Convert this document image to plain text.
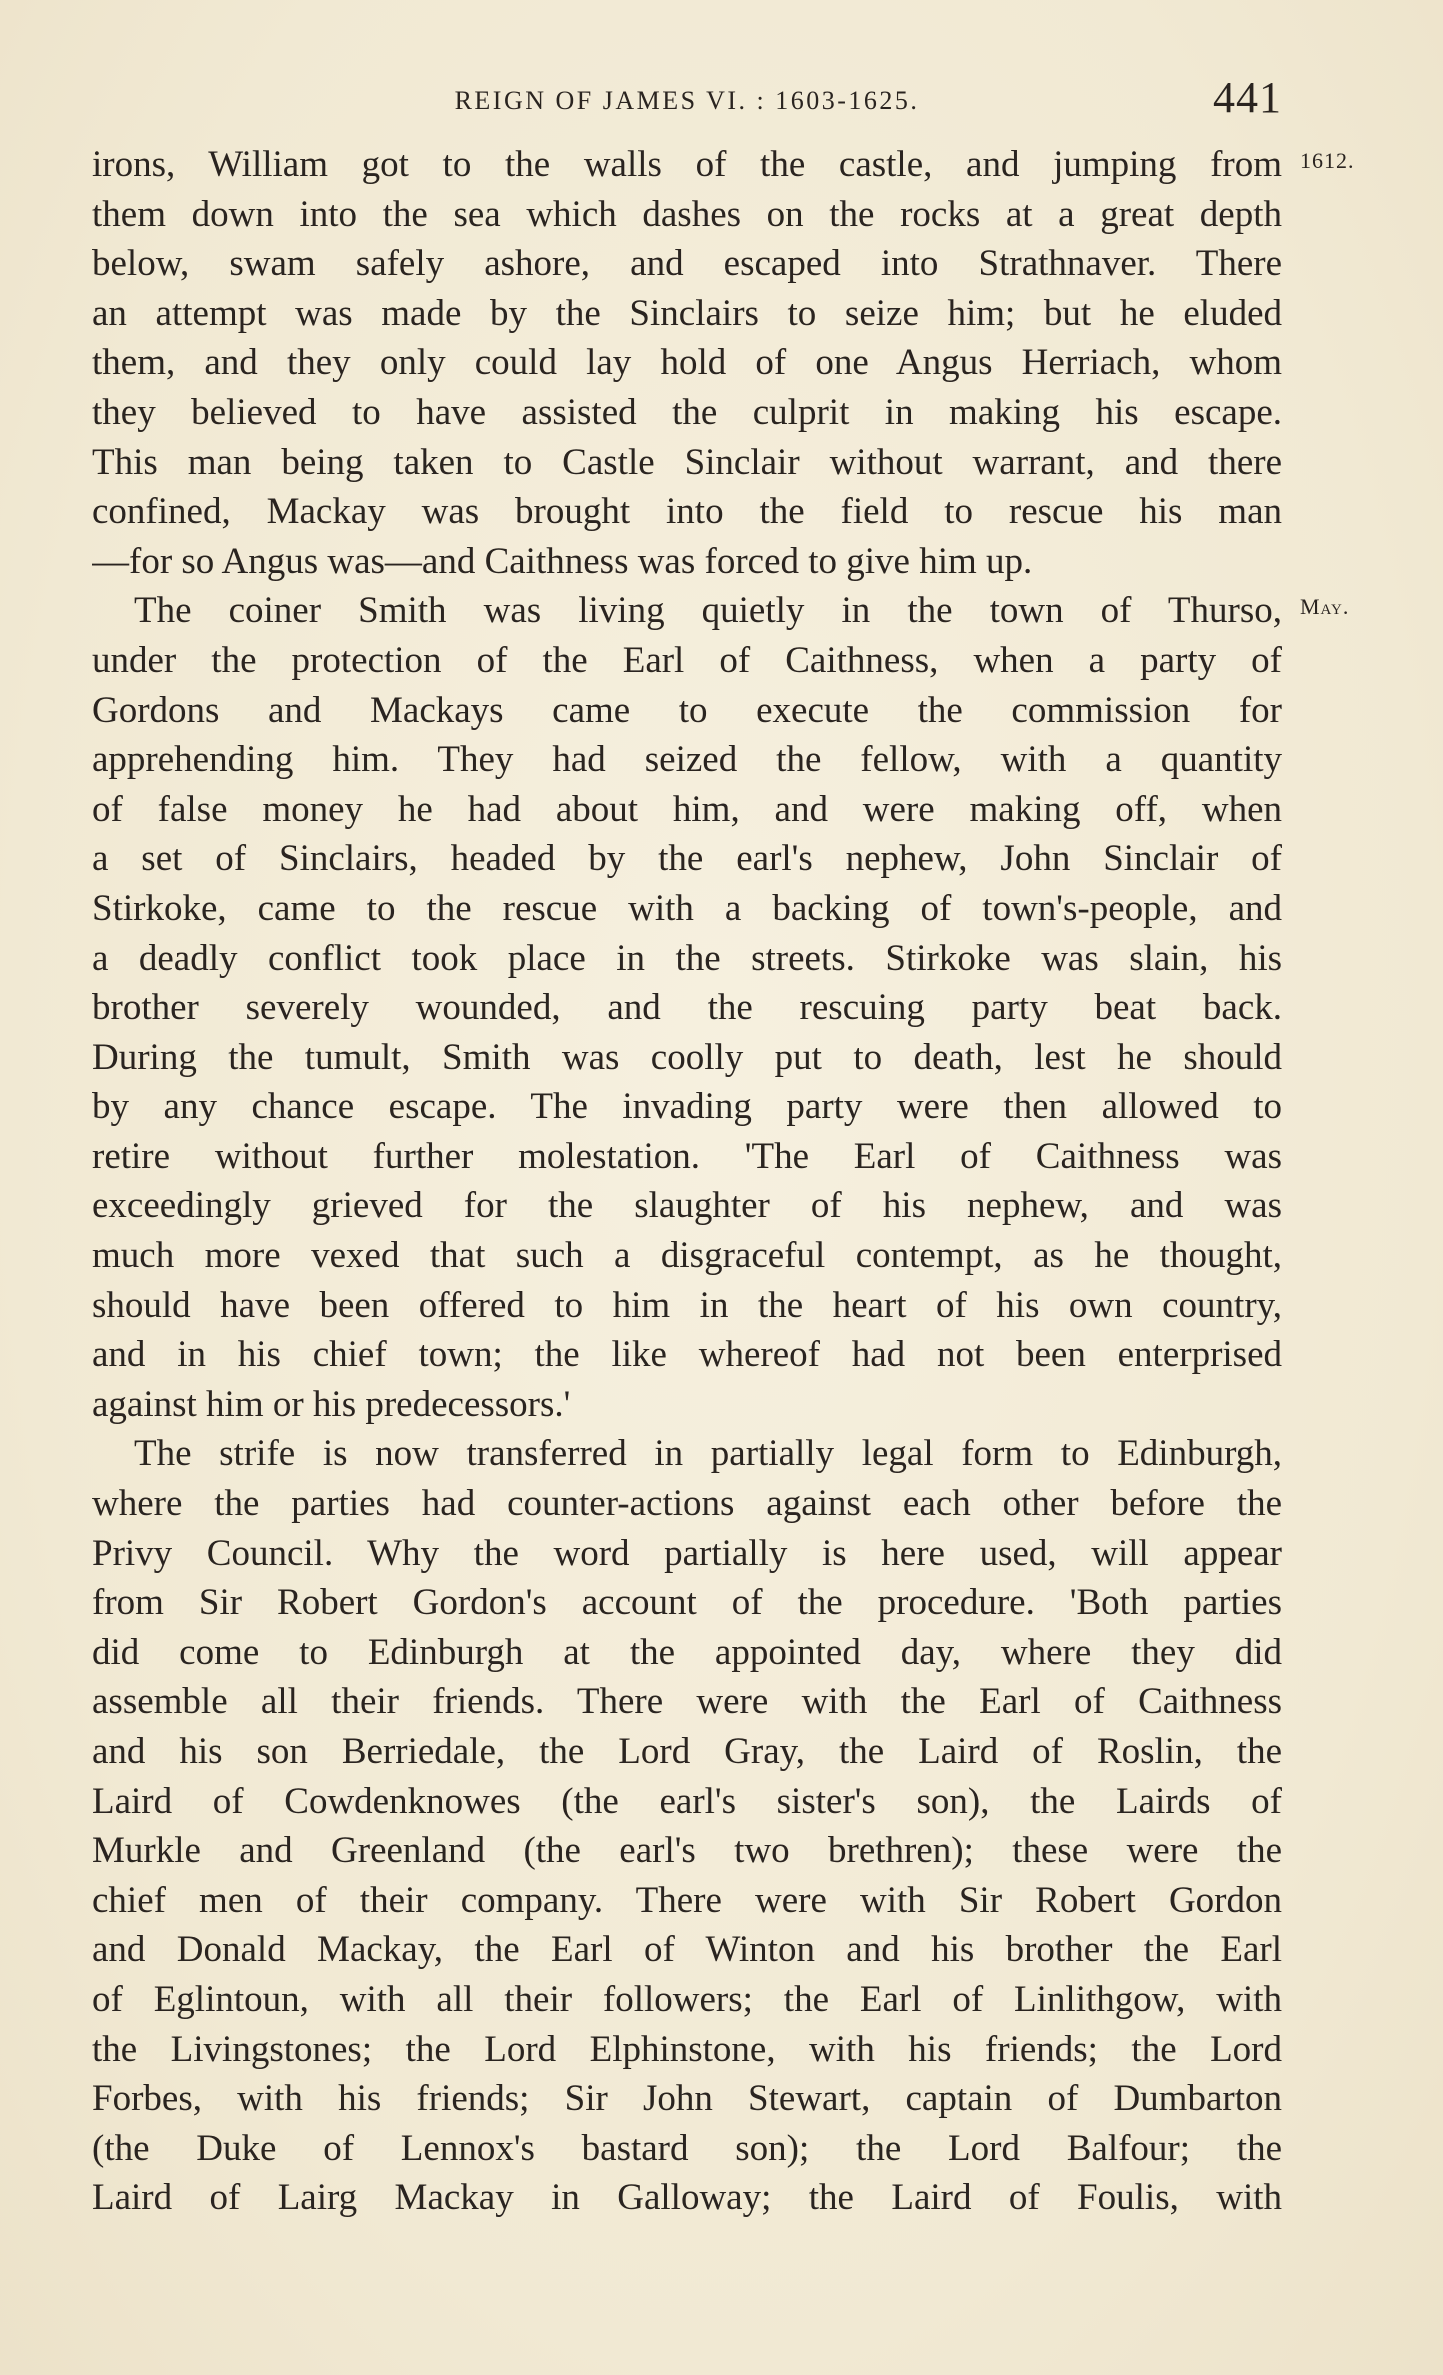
REIGN OF JAMES VI. : 1603-1625.	441
1612.
May.
irons, William got to the walls of the castle, and jumping from
them down into the sea which dashes on the rocks at a great depth
below, swam safely ashore, and escaped into Strathnaver. There
an attempt was made by the Sinclairs to seize him; but he eluded
them, and they only could lay hold of one Angus Herriach, whom
they believed to have assisted the culprit in making his escape.
This man being taken to Castle Sinclair without warrant, and there
confined, Mackay was brought into the field to rescue his man
—for so Angus was—and Caithness was forced to give him up.
The coiner Smith was living quietly in the town of Thurso,
under the protection of the Earl of Caithness, when a party of
Gordons and Mackays came to execute the commission for
apprehending him. They had seized the fellow, with a quantity
of false money he had about him, and were making off, when
a set of Sinclairs, headed by the earl's nephew, John Sinclair of
Stirkoke, came to the rescue with a backing of town's-people, and
a deadly conflict took place in the streets. Stirkoke was slain, his
brother severely wounded, and the rescuing party beat back.
During the tumult, Smith was coolly put to death, lest he should
by any chance escape. The invading party were then allowed to
retire without further molestation. 'The Earl of Caithness was
exceedingly grieved for the slaughter of his nephew, and was
much more vexed that such a disgraceful contempt, as he thought,
should have been offered to him in the heart of his own country,
and in his chief town; the like whereof had not been enterprised
against him or his predecessors.'
The strife is now transferred in partially legal form to Edinburgh,
where the parties had counter-actions against each other before the
Privy Council. Why the word partially is here used, will appear
from Sir Robert Gordon's account of the procedure. 'Both parties
did come to Edinburgh at the appointed day, where they did
assemble all their friends. There were with the Earl of Caithness
and his son Berriedale, the Lord Gray, the Laird of Roslin, the
Laird of Cowdenknowes (the earl's sister's son), the Lairds of
Murkle and Greenland (the earl's two brethren); these were the
chief men of their company. There were with Sir Robert Gordon
and Donald Mackay, the Earl of Winton and his brother the Earl
of Eglintoun, with all their followers; the Earl of Linlithgow, with
the Livingstones; the Lord Elphinstone, with his friends; the Lord
Forbes, with his friends; Sir John Stewart, captain of Dumbarton
(the Duke of Lennox's bastard son); the Lord Balfour; the
Laird of Lairg Mackay in Galloway; the Laird of Foulis, with
